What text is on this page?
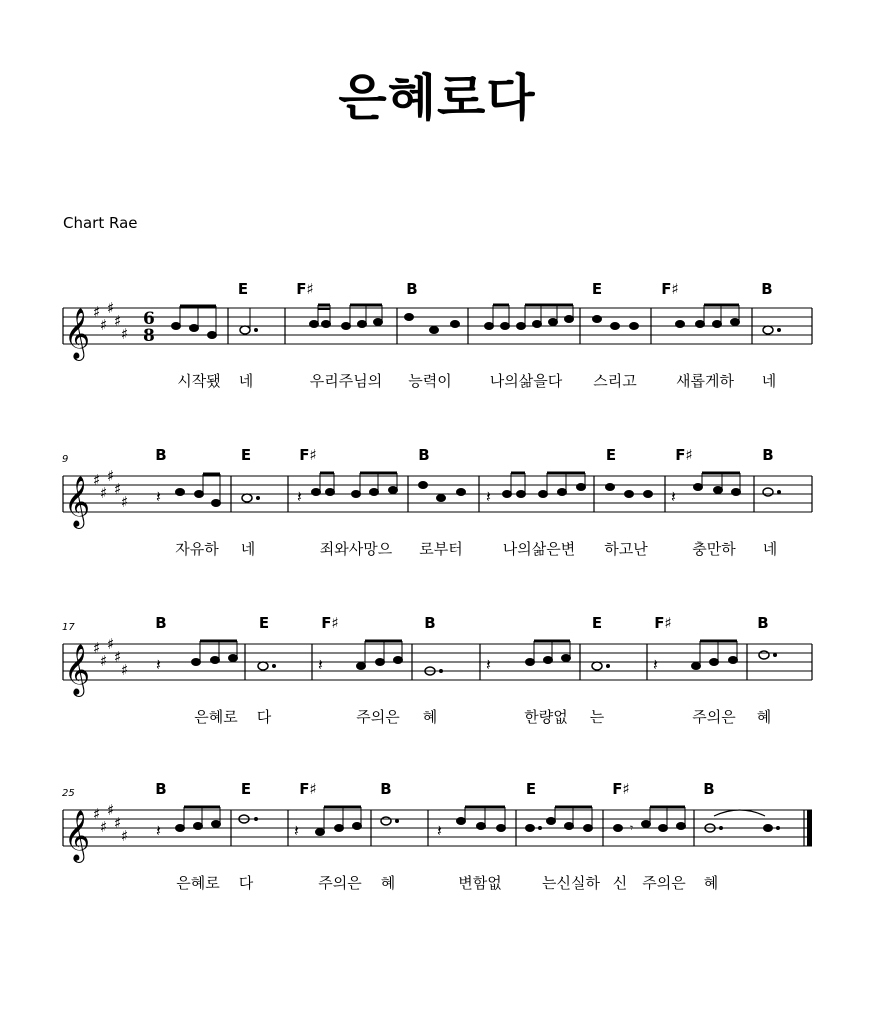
은혜로다
Chart Rae
E	F♯	B	E	F♯	B
𝄞 ♯
♯
♯
♯
♯
6
8
시작됐 네	우리주님의 능력이	나의삶을다 스리고	새롭게하 네
9	B	E	F♯	B	E	F♯	B
𝄞 ♯
♯
♯
♯
♯ 𝄽	𝄽	𝄽	𝄽
자유하 네	죄와사망으 로부터	나의삶은변 하고난	충만하 네
17	B	E	F♯	B	E	F♯	B
𝄞 ♯
♯
♯
♯
♯ 𝄽	𝄽	𝄽	𝄽
은혜로 다	주의은 혜	한량없 는	주의은 혜
25	B	E	F♯	B	E	F♯	B
𝄞 ♯
♯
♯
♯
♯ 𝄽	𝄽	𝄽	𝄾
은혜로 다	주의은 혜	변함없	는신실하 신 주의은 혜
